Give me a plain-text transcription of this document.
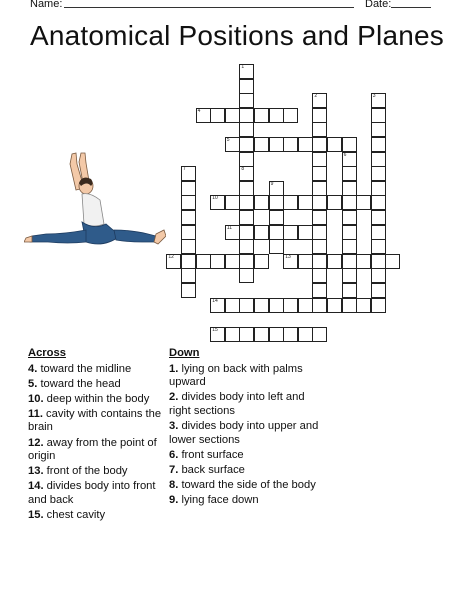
Name:	Date:
Anatomical Positions and Planes
1
8
2	3
4
5
6
7
9
10
11
12	13
14
15
Across
4. toward the midline
5. toward the head
10. deep within the body
11. cavity with contains the brain
12. away from the point of origin
13. front of the body
14. divides body into front and back
15. chest cavity
Down
1. lying on back with palms upward
2. divides body into left and right sections
3. divides body into upper and lower sections
6. front surface
7. back surface
8. toward the side of the body
9. lying face down
